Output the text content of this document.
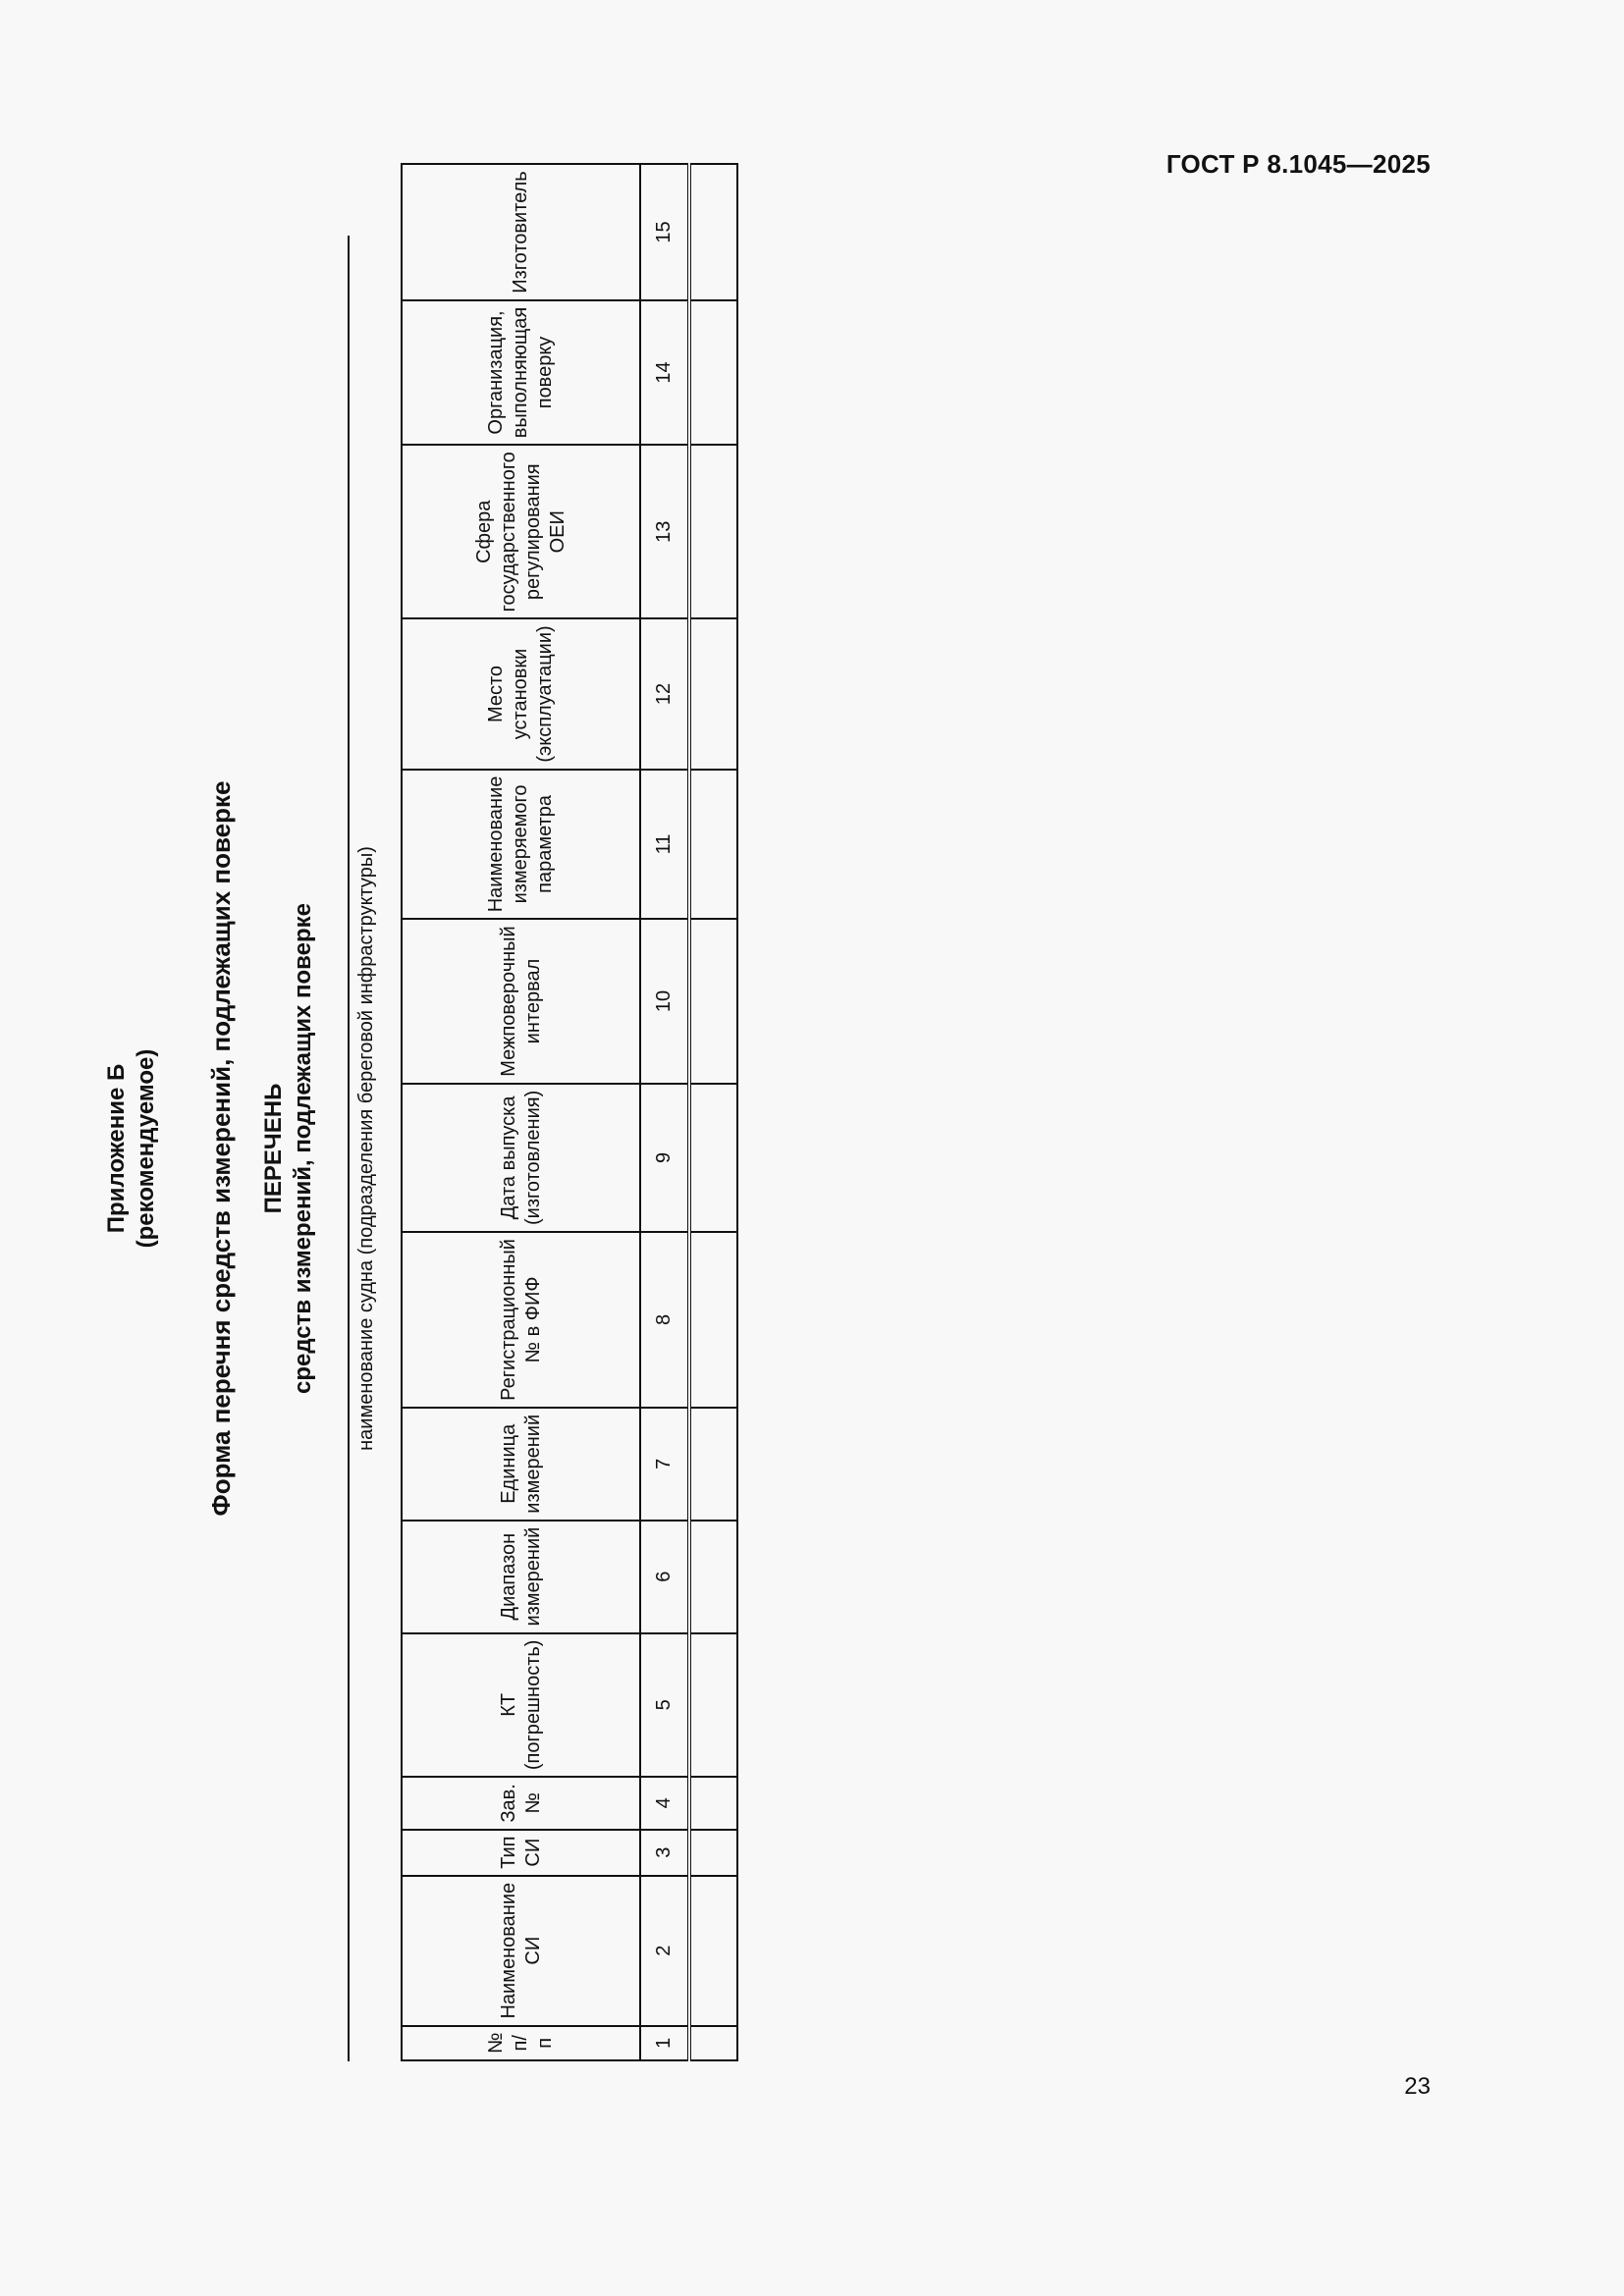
ГОСТ Р 8.1045—2025
Приложение Б (рекомендуемое) Форма перечня средств измерений, подлежащих поверке ПЕРЕЧЕНЬ средств измерений, подлежащих поверке наименование судна (подразделения береговой инфраструктуры)
№ п/п	Наименование СИ	Тип СИ	Зав. №	КТ (погрешность)	Диапазон измерений	Единица измерений	Регистрационный № в ФИФ	Дата выпуска (изготовления)	Межповерочный интервал	Наименование измеряемого параметра	Место установки (эксплуатации)	Сфера государственного регулирования ОЕИ	Организация, выполняющая поверку	Изготовитель
1	2	3	4	5	6	7	8	9	10	11	12	13	14	15

23
